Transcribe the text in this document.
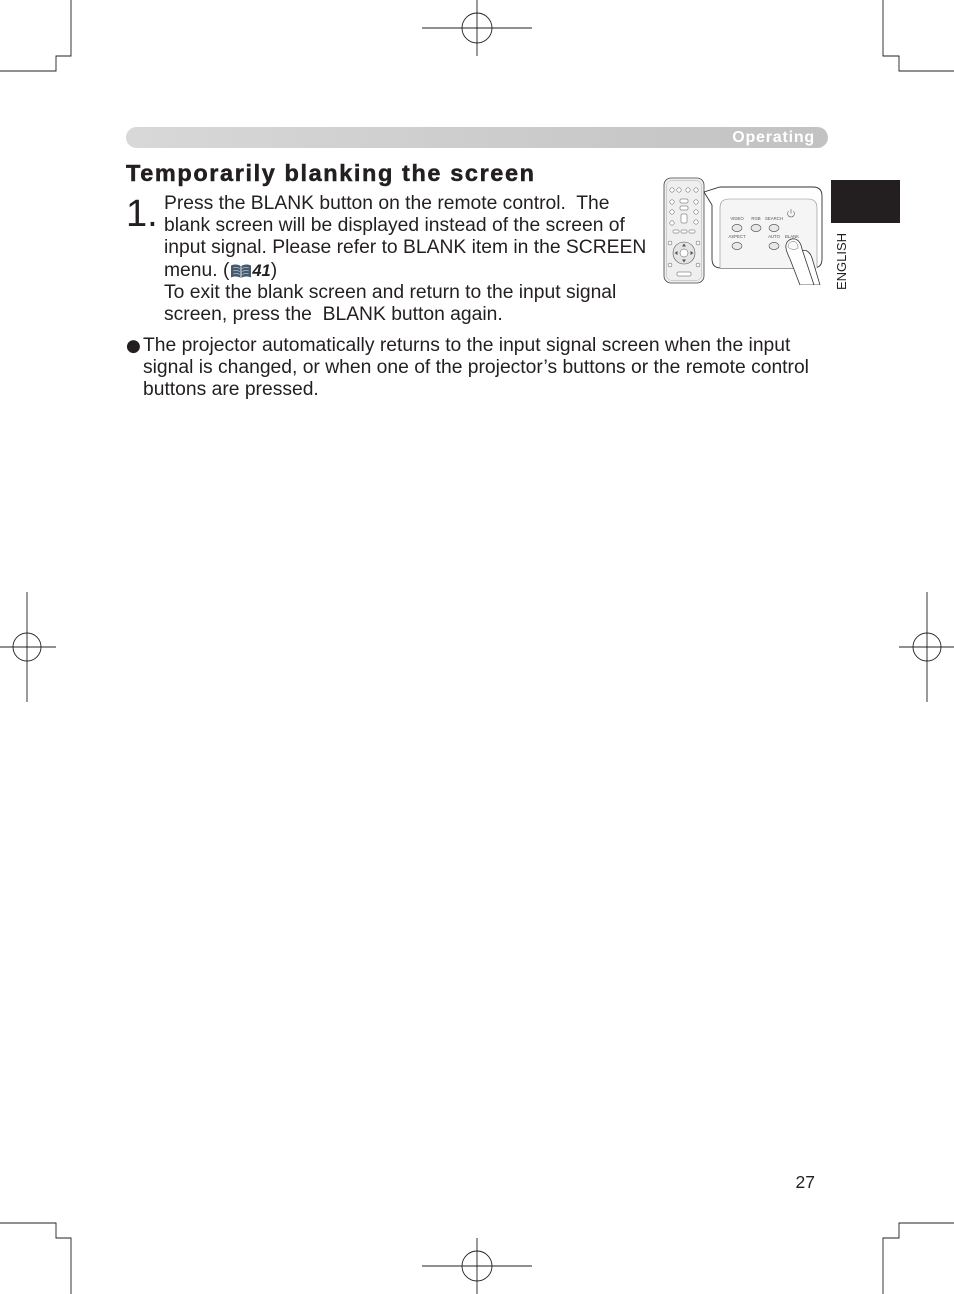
Operating
ENGLISH
Temporarily blanking the screen
1. Press the BLANK button on the remote control.  The
blank screen will be displayed instead of the screen of
input signal. Please refer to BLANK item in the SCREEN
menu. ( 41)
To exit the blank screen and return to the input signal
screen, press the  BLANK button again.
● The projector automatically returns to the input signal screen when the input
signal is changed, or when one of the projector’s buttons or the remote control
buttons are pressed.
VIDEO RGB SEARCH
ASPECT	AUTO BLANK
27
